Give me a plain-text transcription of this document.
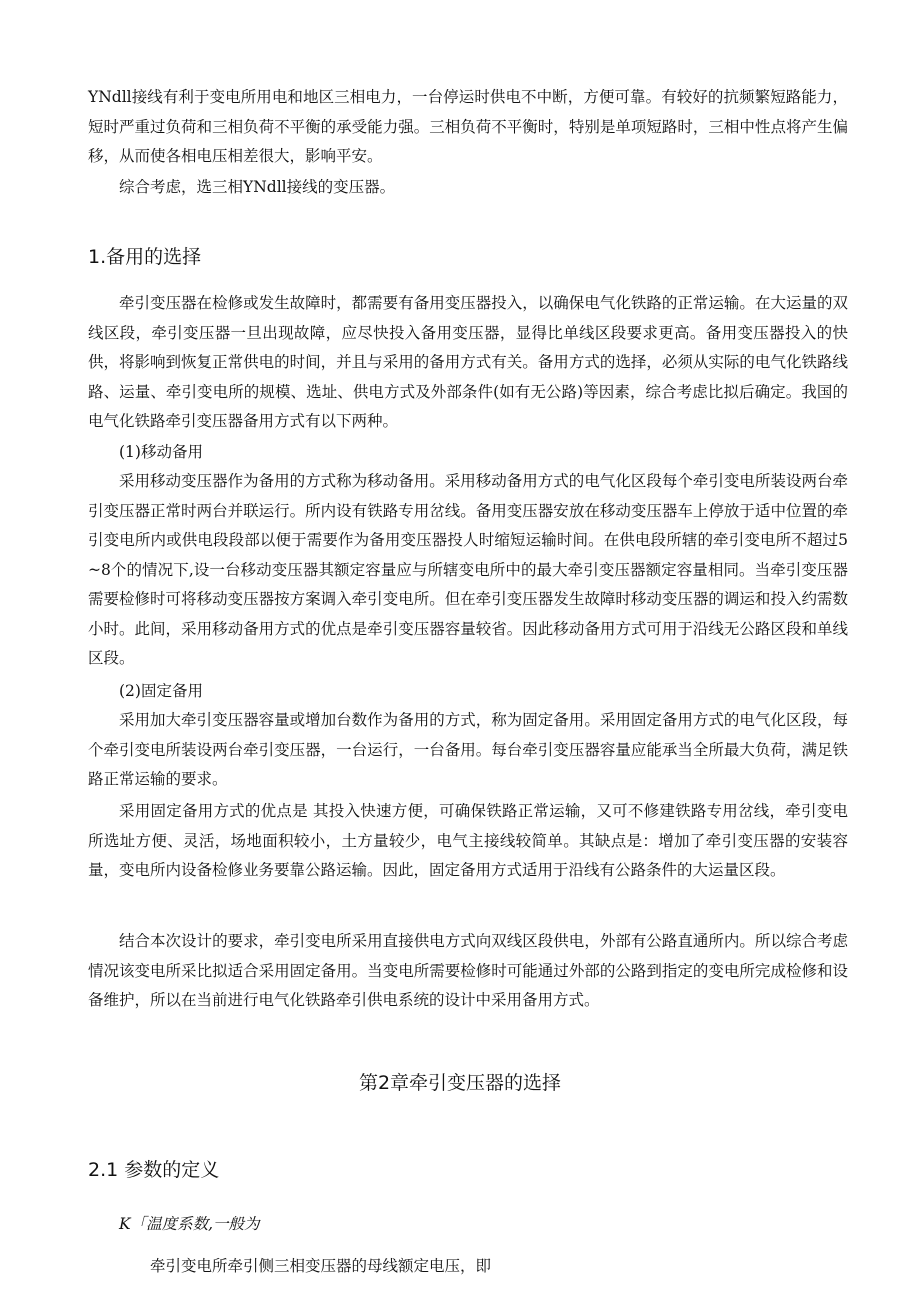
YNdll接线有利于变电所用电和地区三相电力，一台停运时供电不中断，方便可靠。有较好的抗频繁短路能力，短时严重过负荷和三相负荷不平衡的承受能力强。三相负荷不平衡时，特别是单项短路时，三相中性点将产生偏移，从而使各相电压相差很大，影响平安。

综合考虑，选三相YNdll接线的变压器。

1.备用的选择

牵引变压器在检修或发生故障时，都需要有备用变压器投入，以确保电气化铁路的正常运输。在大运量的双线区段，牵引变压器一旦出现故障，应尽快投入备用变压器，显得比单线区段要求更高。备用变压器投入的快供，将影响到恢复正常供电的时间，并且与采用的备用方式有关。备用方式的选择，必须从实际的电气化铁路线路、运量、牵引变电所的规模、选址、供电方式及外部条件(如有无公路)等因素，综合考虑比拟后确定。我国的电气化铁路牵引变压器备用方式有以下两种。

(1)移动备用

采用移动变压器作为备用的方式称为移动备用。采用移动备用方式的电气化区段每个牵引变电所装设两台牵引变压器正常时两台并联运行。所内设有铁路专用岔线。备用变压器安放在移动变压器车上停放于适中位置的牵引变电所内或供电段段部以便于需要作为备用变压器投人时缩短运输时间。在供电段所辖的牵引变电所不超过5~8个的情况下,设一台移动变压器其额定容量应与所辖变电所中的最大牵引变压器额定容量相同。当牵引变压器需要检修时可将移动变压器按方案调入牵引变电所。但在牵引变压器发生故障时移动变压器的调运和投入约需数小时。此间，采用移动备用方式的优点是牵引变压器容量较省。因此移动备用方式可用于沿线无公路区段和单线区段。

(2)固定备用

采用加大牵引变压器容量或增加台数作为备用的方式，称为固定备用。采用固定备用方式的电气化区段，每个牵引变电所装设两台牵引变压器，一台运行，一台备用。每台牵引变压器容量应能承当全所最大负荷，满足铁路正常运输的要求。

采用固定备用方式的优点是 其投入快速方便，可确保铁路正常运输，又可不修建铁路专用岔线，牵引变电所选址方便、灵活，场地面积较小，土方量较少，电气主接线较简单。其缺点是：增加了牵引变压器的安装容量，变电所内设备检修业务要靠公路运输。因此，固定备用方式适用于沿线有公路条件的大运量区段。

结合本次设计的要求，牵引变电所采用直接供电方式向双线区段供电，外部有公路直通所内。所以综合考虑情况该变电所采比拟适合采用固定备用。当变电所需要检修时可能通过外部的公路到指定的变电所完成检修和设备维护，所以在当前进行电气化铁路牵引供电系统的设计中采用备用方式。

第2章牵引变压器的选择
2.1 参数的定义

K「温度系数,一般为

牵引变电所牵引侧三相变压器的母线额定电压，即
